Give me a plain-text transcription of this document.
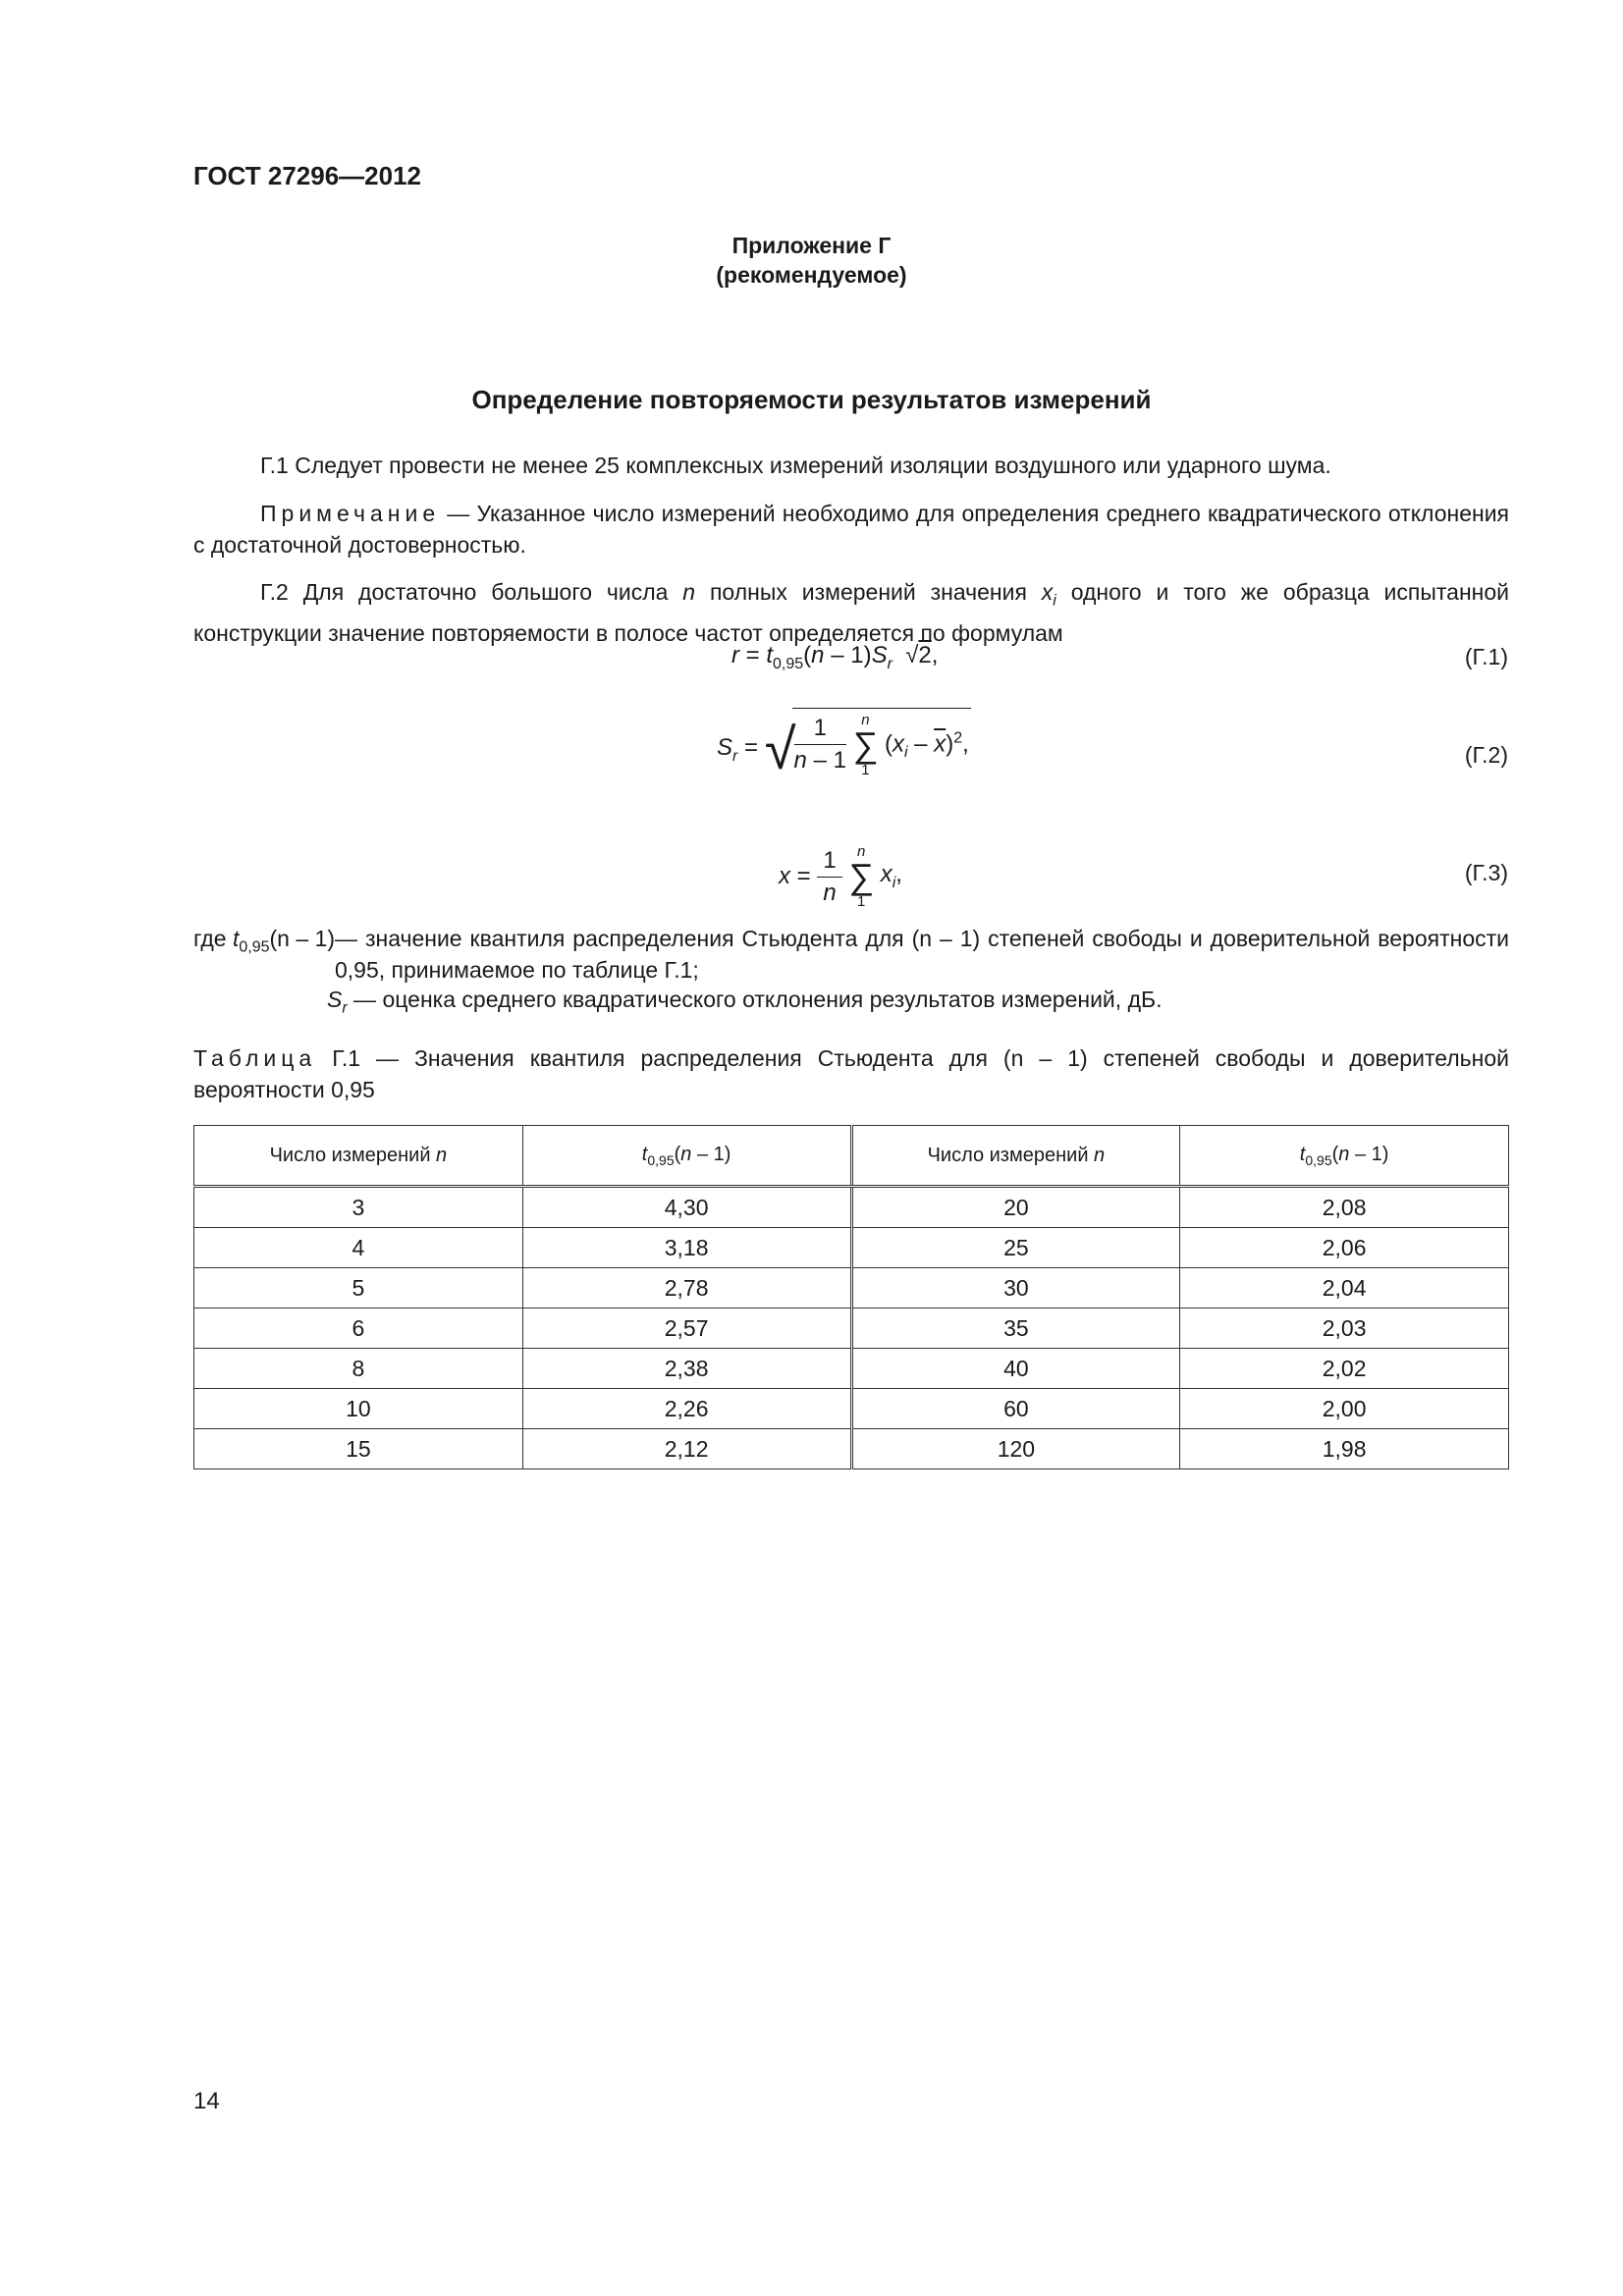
ГОСТ 27296—2012
Приложение Г
(рекомендуемое)
Определение повторяемости результатов измерений
Г.1 Следует провести не менее 25 комплексных измерений изоляции воздушного или ударного шума.
Примечание — Указанное число измерений необходимо для определения среднего квадратического отклонения с достаточной достоверностью.
Г.2 Для достаточно большого числа n полных измерений значения $x_i$ одного и того же образца испытанной конструкции значение повторяемости в полосе частот определяется по формулам
$r = t_{0,95}(n - 1)S_r$  √2,	(Г.1)
$S_r$ = √
$\frac{1}{n - 1}$
	n
∑
1
$(x_i - \overline{x})^2$,	(Г.2)
$x = \frac{1}{n}$
	n
∑
1
$x_i$,	(Г.3)
где $t_{0,95}(n - 1)$ — значение квантиля распределения Стьюдента для (n – 1) степеней свободы и доверительной вероятности 0,95, принимаемое по таблице Г.1;
$S_r$ — оценка среднего квадратического отклонения результатов измерений, дБ.
Таблица Г.1 — Значения квантиля распределения Стьюдента для (n – 1) степеней свободы и доверительной вероятности 0,95
Число измерений n	$t_{0,95}(n - 1)$	Число измерений n	$t_{0,95}(n - 1)$
3	4,30	20	2,08
4	3,18	25	2,06
5	2,78	30	2,04
6	2,57	35	2,03
8	2,38	40	2,02
10	2,26	60	2,00
15	2,12	120	1,98
14
